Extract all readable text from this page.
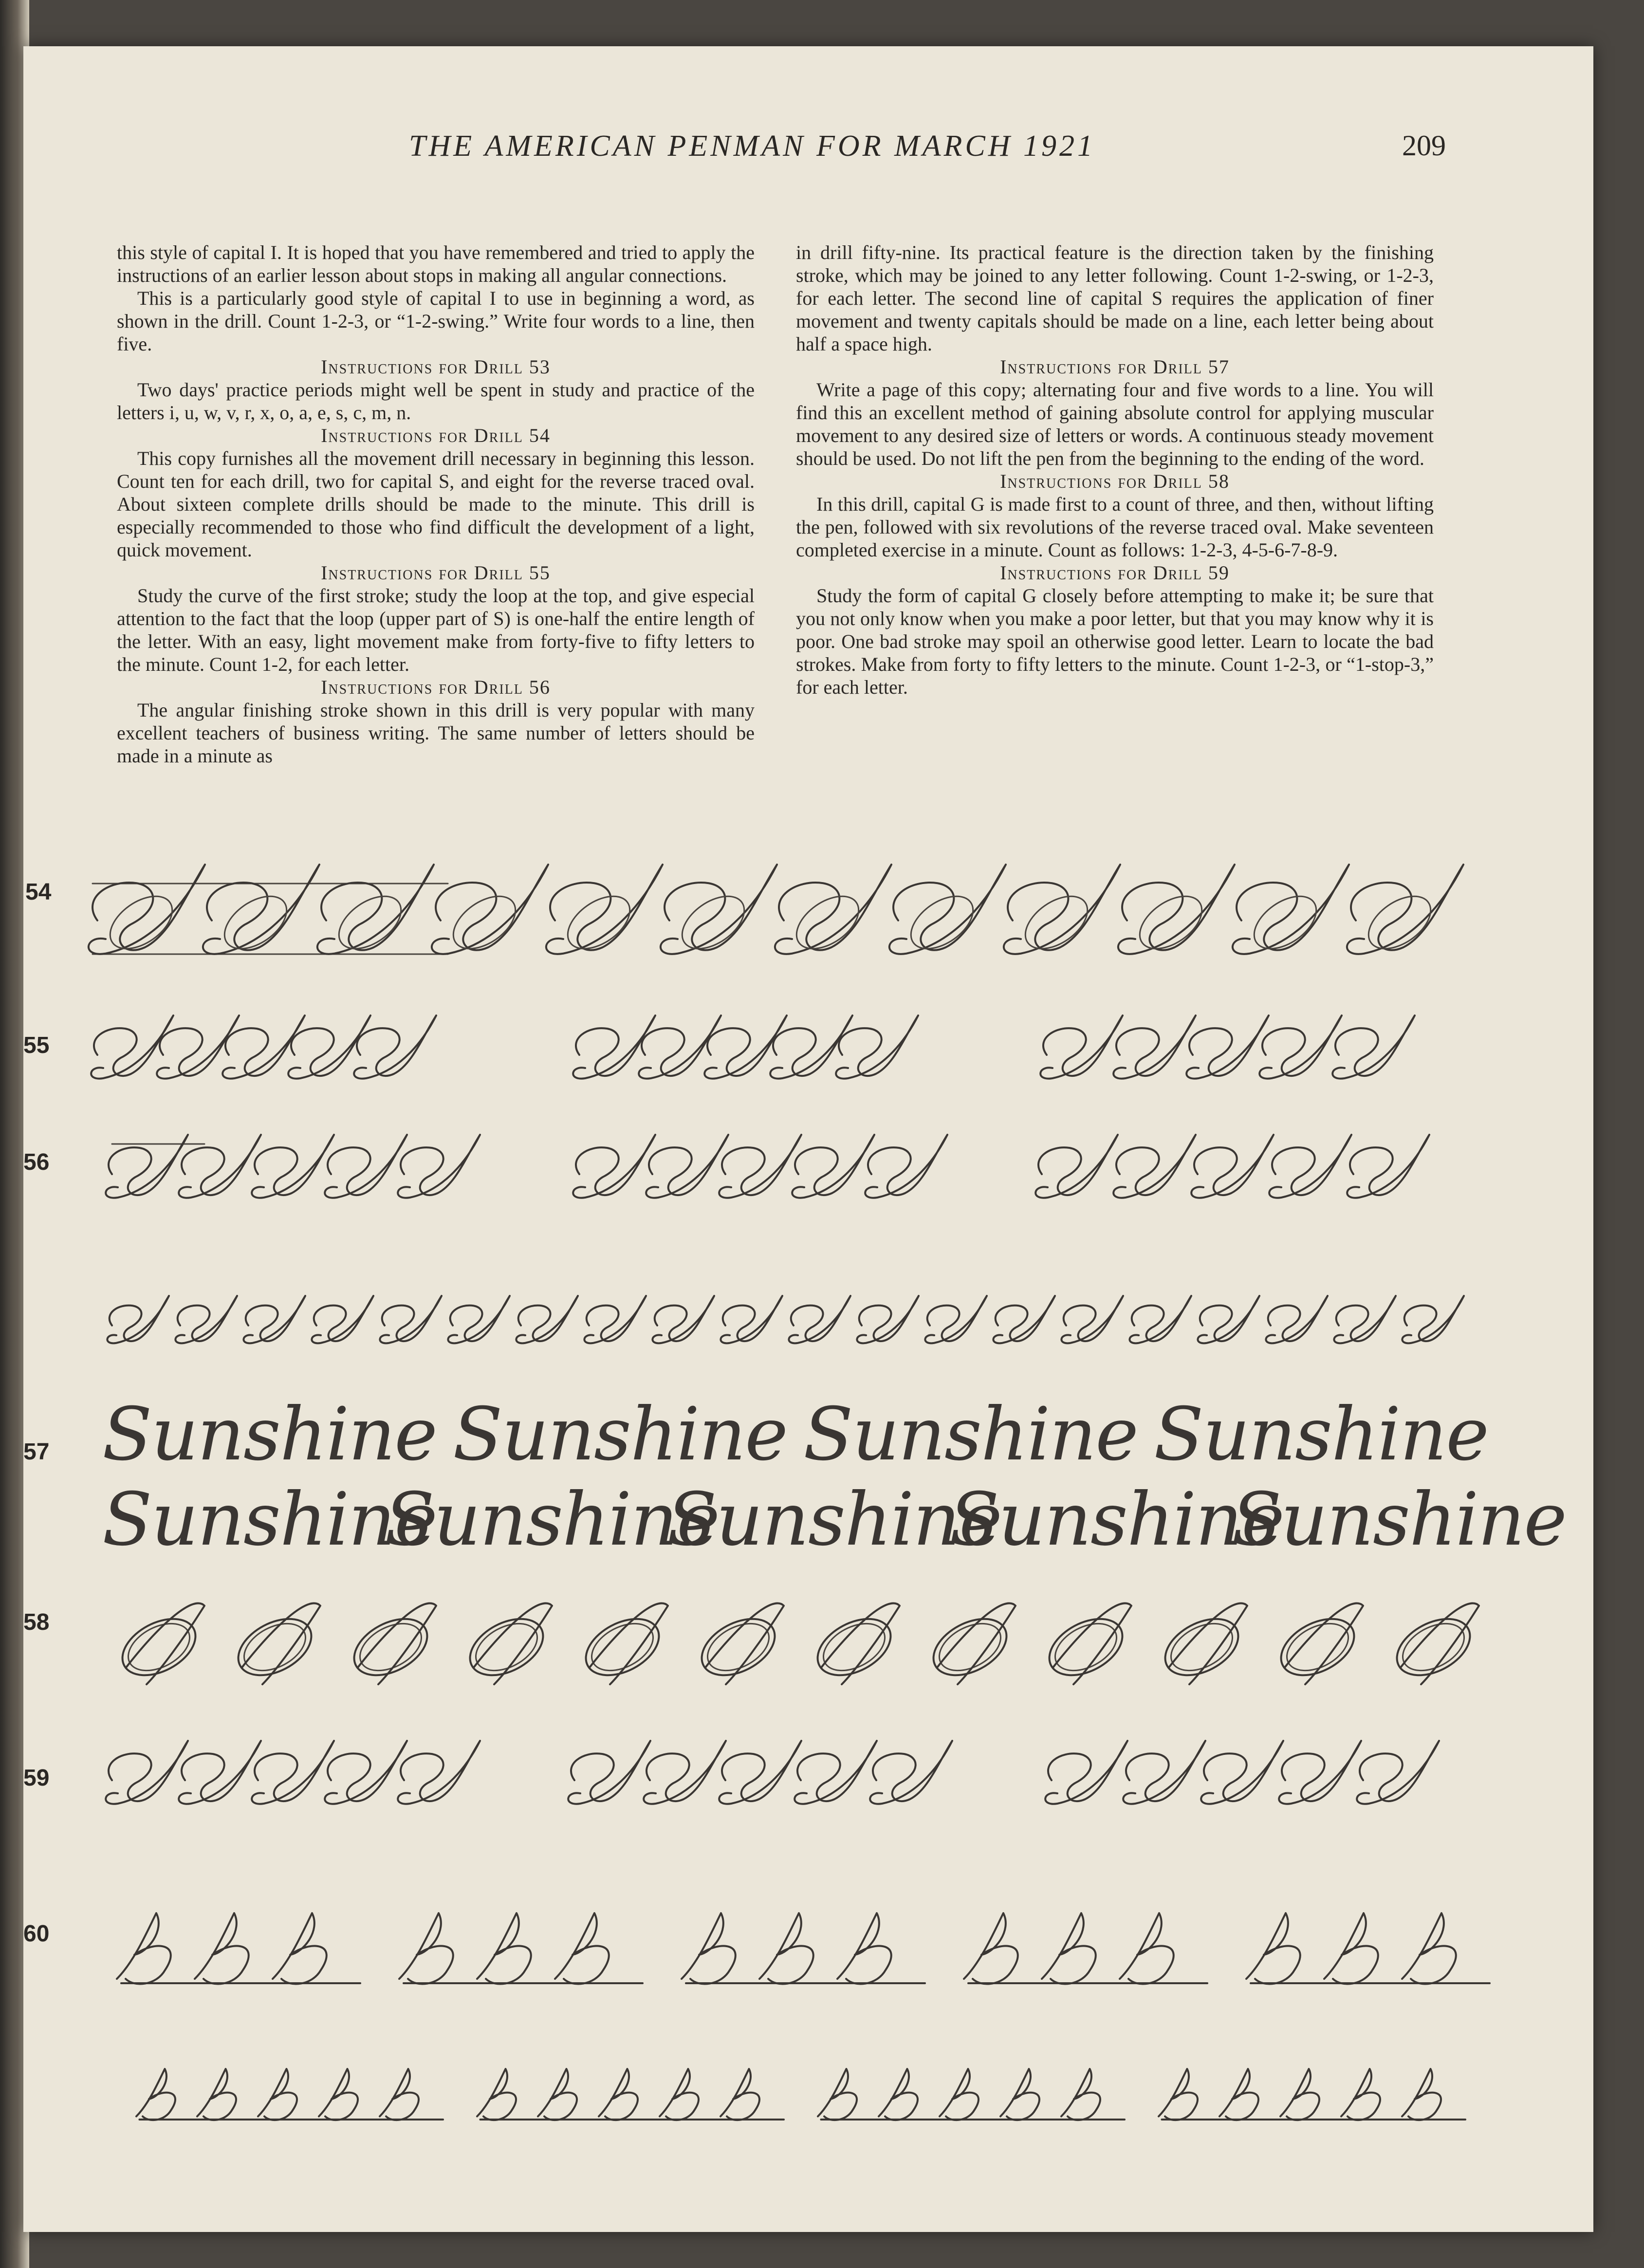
THE AMERICAN PENMAN FOR MARCH 1921	209

this style of capital I. It is hoped that you have remembered and tried to apply the instructions of an earlier lesson about stops in making all angular connections.

This is a particularly good style of capital I to use in beginning a word, as shown in the drill. Count 1-2-3, or “1-2-swing.” Write four words to a line, then five.

Instructions for Drill 53

Two days' practice periods might well be spent in study and practice of the letters i, u, w, v, r, x, o, a, e, s, c, m, n.

Instructions for Drill 54

This copy furnishes all the movement drill necessary in beginning this lesson. Count ten for each drill, two for capital S, and eight for the reverse traced oval. About sixteen complete drills should be made to the minute. This drill is especially recommended to those who find difficult the development of a light, quick movement.

Instructions for Drill 55

Study the curve of the first stroke; study the loop at the top, and give especial attention to the fact that the loop (upper part of S) is one-half the entire length of the letter. With an easy, light movement make from forty-five to fifty letters to the minute. Count 1-2, for each letter.

Instructions for Drill 56

The angular finishing stroke shown in this drill is very popular with many excellent teachers of business writing. The same number of letters should be made in a minute as

in drill fifty-nine. Its practical feature is the direction taken by the finishing stroke, which may be joined to any letter following. Count 1-2-swing, or 1-2-3, for each letter. The second line of capital S requires the application of finer movement and twenty capitals should be made on a line, each letter being about half a space high.

Instructions for Drill 57

Write a page of this copy; alternating four and five words to a line. You will find this an excellent method of gaining absolute control for applying muscular movement to any desired size of letters or words. A continuous steady movement should be used. Do not lift the pen from the beginning to the ending of the word.

Instructions for Drill 58

In this drill, capital G is made first to a count of three, and then, without lifting the pen, followed with six revolutions of the reverse traced oval. Make seventeen completed exercise in a minute. Count as follows: 1-2-3, 4-5-6-7-8-9.

Instructions for Drill 59

Study the form of capital G closely before attempting to make it; be sure that you not only know when you make a poor letter, but that you may know why it is poor. One bad stroke may spoil an otherwise good letter. Learn to locate the bad strokes. Make from forty to fifty letters to the minute. Count 1-2-3, or “1-stop-3,” for each letter.

54
55
56
57
58
59
60
Sunshine Sunshine Sunshine Sunshine
Sunshine
Sunshine
Sunshine
Sunshine
Sunshine
